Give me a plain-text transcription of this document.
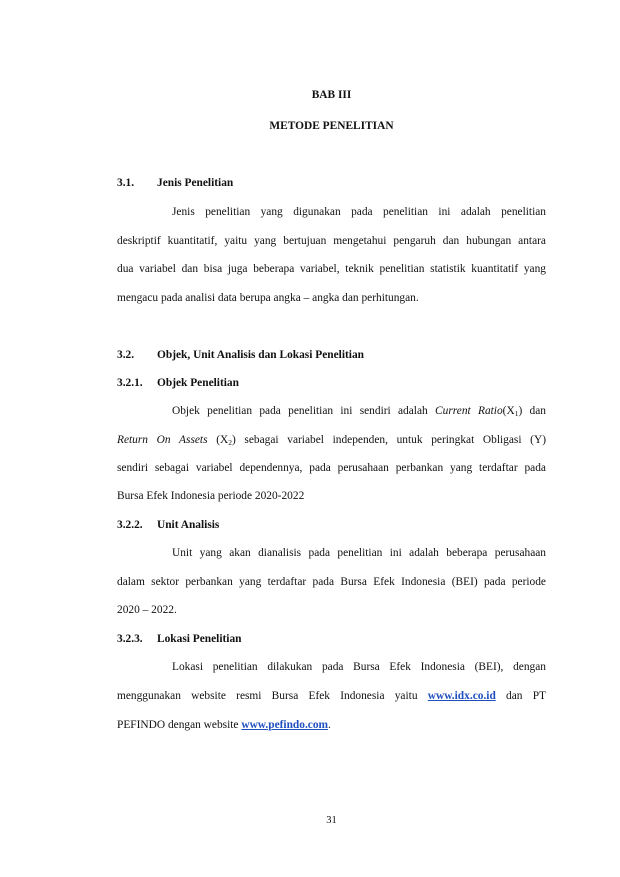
BAB III
METODE PENELITIAN
3.1. Jenis Penelitian
Jenis penelitian yang digunakan pada penelitian ini adalah penelitian
deskriptif kuantitatif, yaitu yang bertujuan mengetahui pengaruh dan hubungan antara
dua variabel dan bisa juga beberapa variabel, teknik penelitian statistik kuantitatif yang
mengacu pada analisi data berupa angka – angka dan perhitungan.
3.2. Objek, Unit Analisis dan Lokasi Penelitian
3.2.1. Objek Penelitian
Objek penelitian pada penelitian ini sendiri adalah Current $Ratio(X_1)$ dan
Return On Assets $(X_2)$ sebagai variabel independen, untuk peringkat Obligasi (Y)
sendiri sebagai variabel dependennya, pada perusahaan perbankan yang terdaftar pada
Bursa Efek Indonesia periode 2020-2022
3.2.2. Unit Analisis
Unit yang akan dianalisis pada penelitian ini adalah beberapa perusahaan
dalam sektor perbankan yang terdaftar pada Bursa Efek Indonesia (BEI) pada periode
2020 – 2022.
3.2.3. Lokasi Penelitian
Lokasi penelitian dilakukan pada Bursa Efek Indonesia (BEI), dengan
menggunakan website resmi Bursa Efek Indonesia yaitu www.idx.co.id dan PT
PEFINDO dengan website www.pefindo.com.
31
